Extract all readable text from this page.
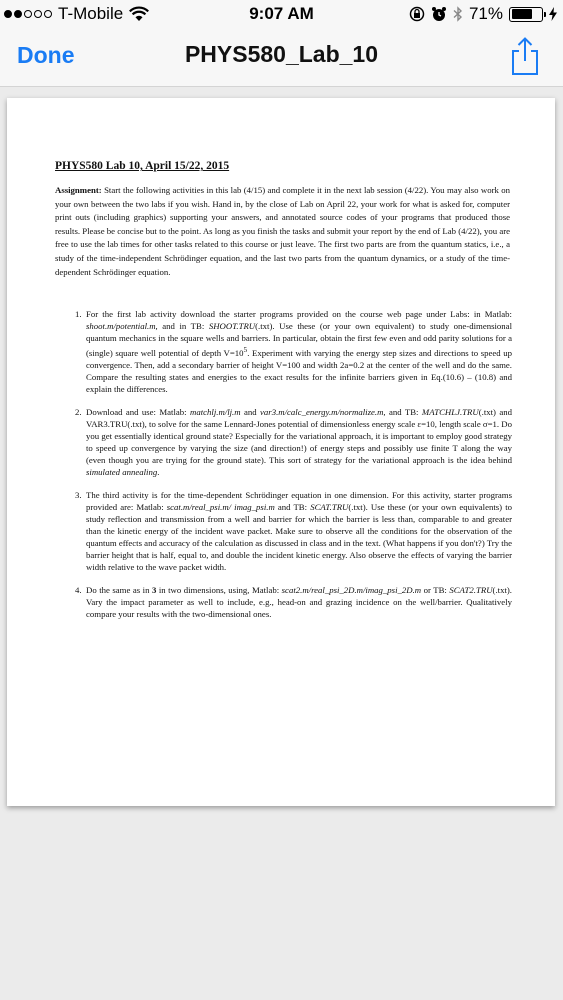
T-Mobile	9:07 AM	71%
Done	PHYS580_Lab_10
PHYS580 Lab 10, April 15/22, 2015
Assignment: Start the following activities in this lab (4/15) and complete it in the next lab session (4/22). You may also work on your own between the two labs if you wish. Hand in, by the close of Lab on April 22, your work for what is asked for, computer print outs (including graphics) supporting your answers, and annotated source codes of your programs that produced those results. Please be concise but to the point. As long as you finish the tasks and submit your report by the end of Lab (4/22), you are free to use the lab times for other tasks related to this course or just leave. The first two parts are from the quantum statics, i.e., a study of the time-independent Schrödinger equation, and the last two parts from the quantum dynamics, or a study of the time-dependent Schrödinger equation.
1. For the first lab activity download the starter programs provided on the course web page under Labs: in Matlab: shoot.m/potential.m, and in TB: SHOOT.TRU(.txt). Use these (or your own equivalent) to study one-dimensional quantum mechanics in the square wells and barriers. In particular, obtain the first few even and odd parity solutions for a (single) square well potential of depth $V=10^5$. Experiment with varying the energy step sizes and directions to speed up convergence. Then, add a secondary barrier of height V=100 and width 2a=0.2 at the center of the well and do the same. Compare the resulting states and energies to the exact results for the infinite barriers given in Eq.(10.6) – (10.8) and explain the differences.
2. Download and use: Matlab: matchlj.m/lj.m and var3.m/calc_energy.m/normalize.m, and TB: MATCHLJ.TRU(.txt) and VAR3.TRU(.txt), to solve for the same Lennard-Jones potential of dimensionless energy scale ε=10, length scale σ=1. Do you get essentially identical ground state? Especially for the variational approach, it is important to employ good strategy to speed up convergence by varying the size (and direction!) of energy steps and possibly use finite T along the way (even though you are trying for the ground state). This sort of strategy for the variational approach is the idea behind simulated annealing.
3. The third activity is for the time-dependent Schrödinger equation in one dimension. For this activity, starter programs provided are: Matlab: scat.m/real_psi.m/ imag_psi.m and TB: SCAT.TRU(.txt). Use these (or your own equivalents) to study reflection and transmission from a well and barrier for which the barrier is less than, comparable to and greater than the kinetic energy of the incident wave packet. Make sure to observe all the conditions for the observation of the quantum effects and accuracy of the calculation as discussed in class and in the text. (What happens if you don't?) Try the barrier height that is half, equal to, and double the incident kinetic energy. Also observe the effects of varying the barrier width relative to the wave packet width.
4. Do the same as in 3 in two dimensions, using, Matlab: scat2.m/real_psi_2D.m/imag_psi_2D.m or TB: SCAT2.TRU(.txt). Vary the impact parameter as well to include, e.g., head-on and grazing incidence on the well/barrier. Qualitatively compare your results with the two-dimensional ones.
